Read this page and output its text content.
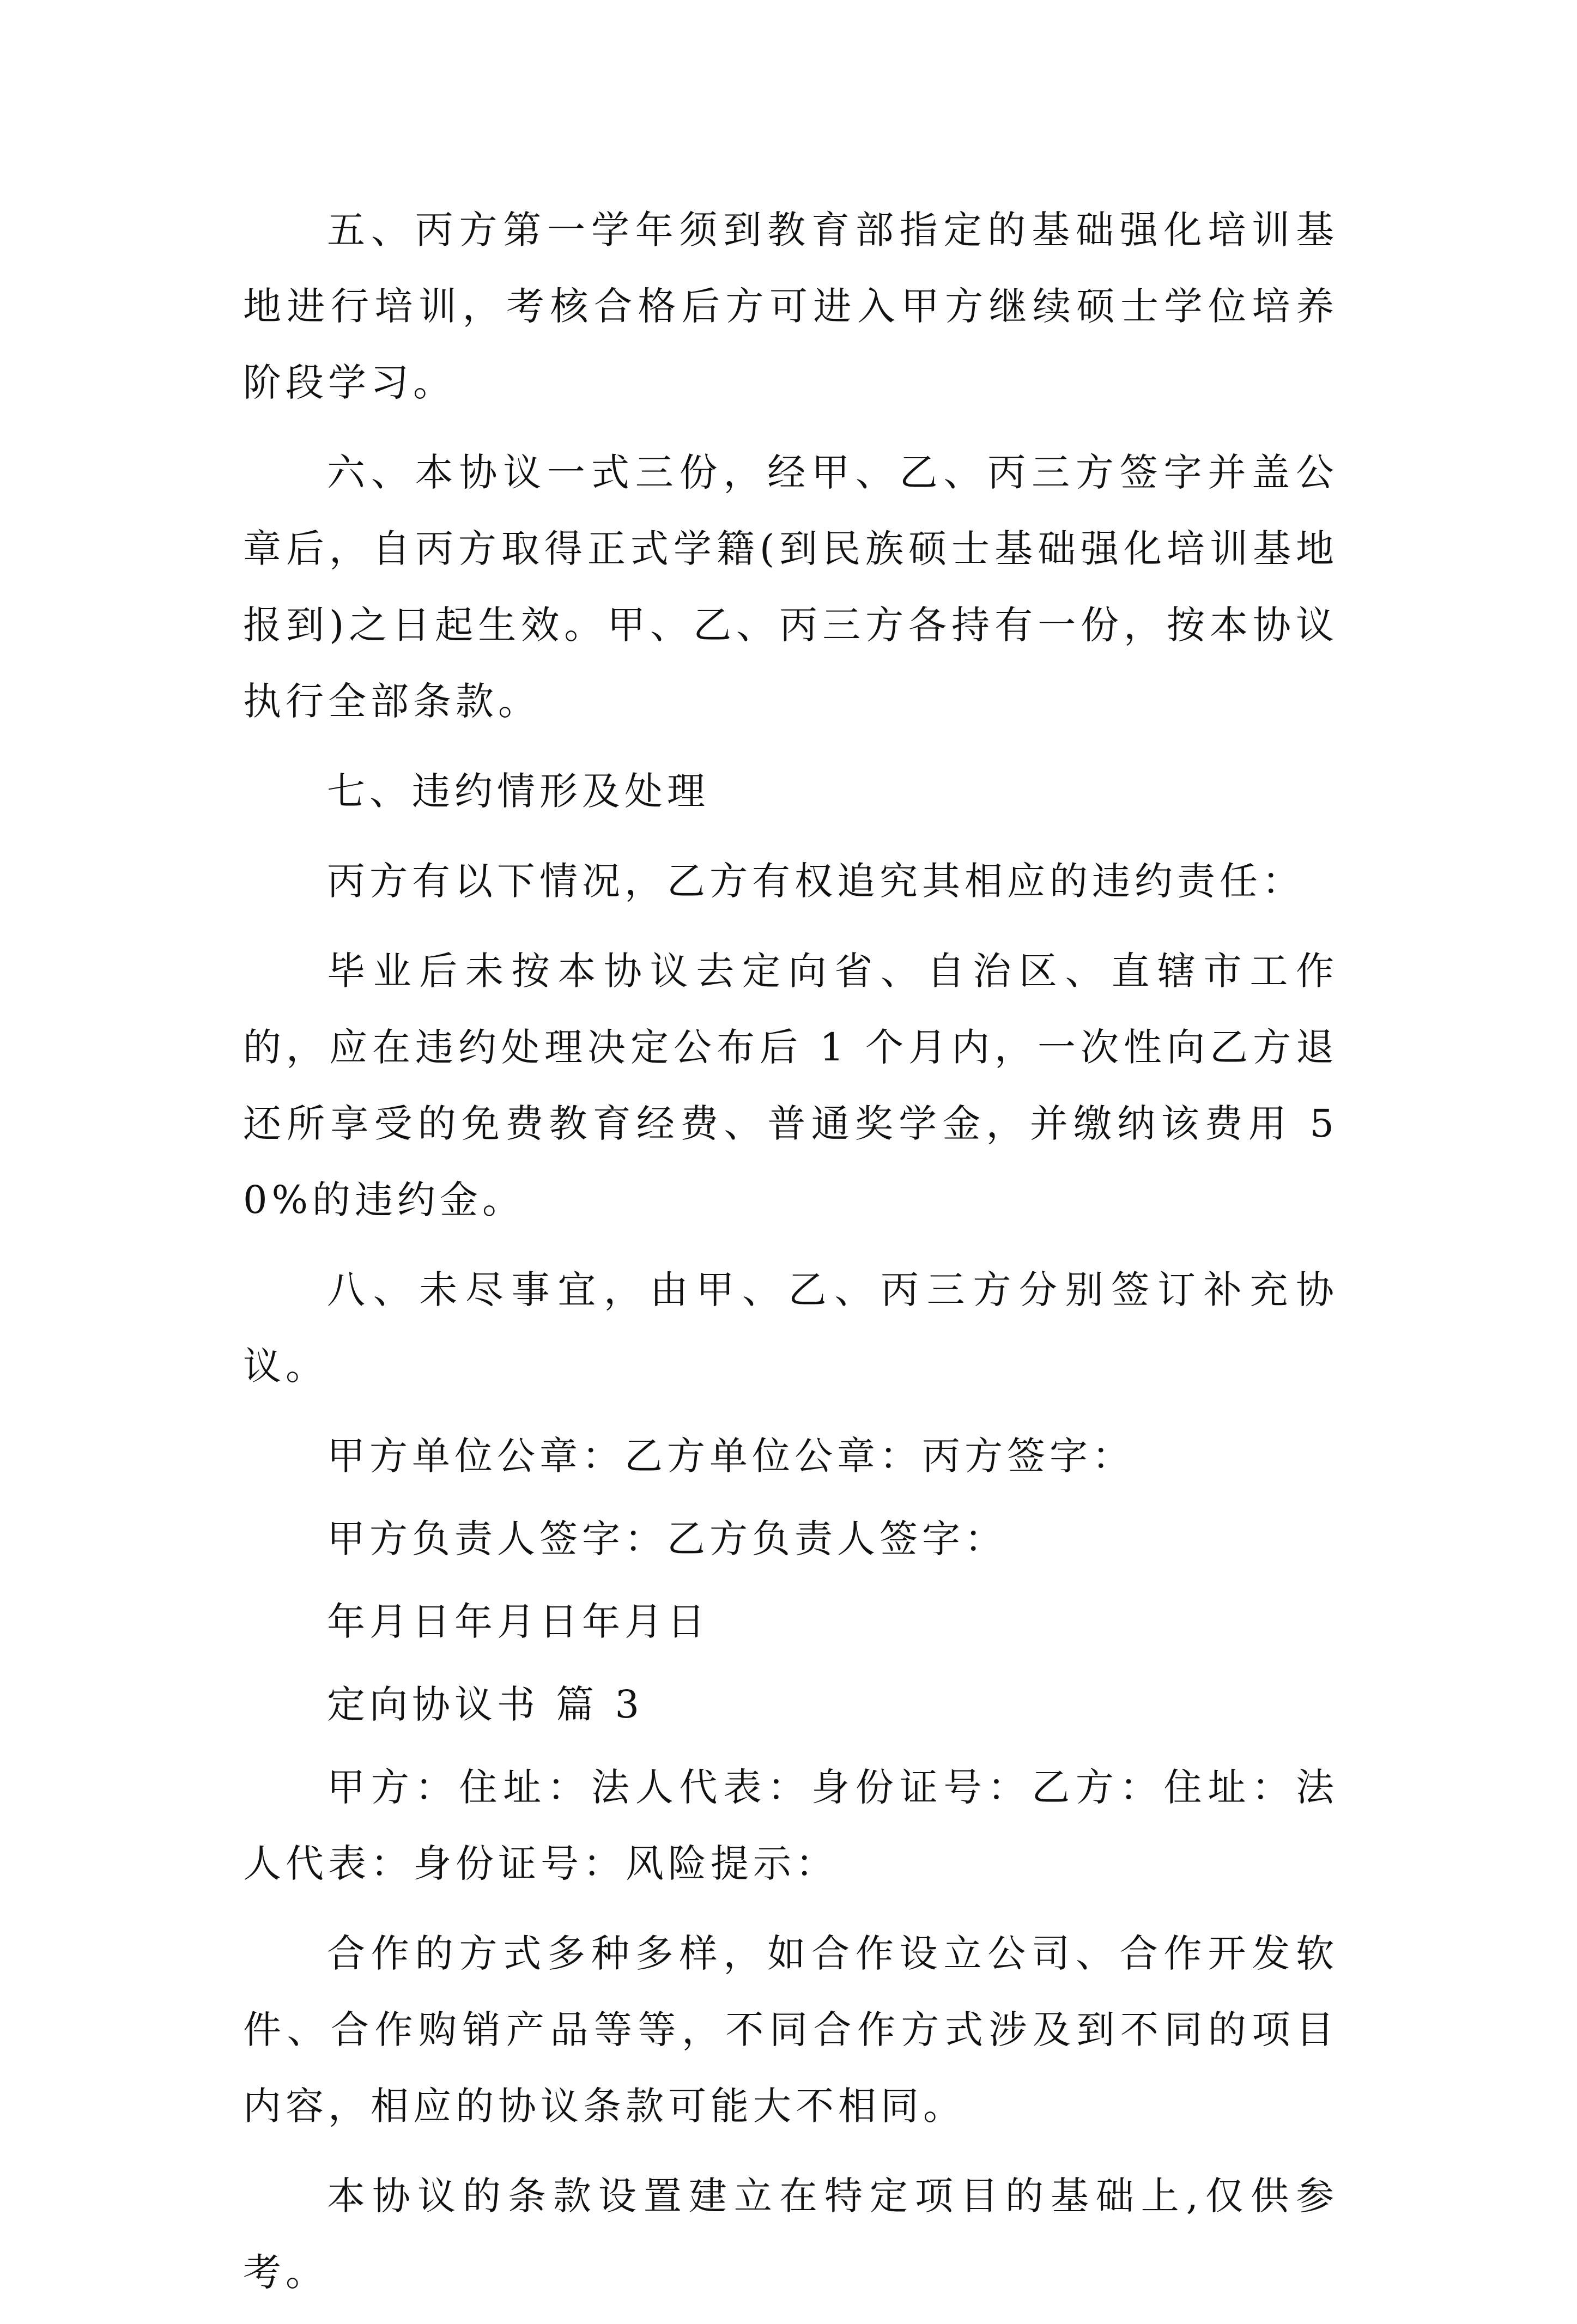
五、丙方第一学年须到教育部指定的基础强化培训基地进行培训，考核合格后方可进入甲方继续硕士学位培养阶段学习。

六、本协议一式三份，经甲、乙、丙三方签字并盖公章后，自丙方取得正式学籍(到民族硕士基础强化培训基地报到)之日起生效。甲、乙、丙三方各持有一份，按本协议执行全部条款。

七、违约情形及处理

丙方有以下情况，乙方有权追究其相应的违约责任：

毕业后未按本协议去定向省、自治区、直辖市工作的，应在违约处理决定公布后 1 个月内，一次性向乙方退还所享受的免费教育经费、普通奖学金，并缴纳该费用 50%的违约金。

八、未尽事宜，由甲、乙、丙三方分别签订补充协议。

甲方单位公章：乙方单位公章：丙方签字：

甲方负责人签字：乙方负责人签字：

年月日年月日年月日

定向协议书 篇 3

甲方：住址：法人代表：身份证号：乙方：住址：法人代表：身份证号：风险提示：

合作的方式多种多样，如合作设立公司、合作开发软件、合作购销产品等等，不同合作方式涉及到不同的项目内容，相应的协议条款可能大不相同。

本协议的条款设置建立在特定项目的基础上,仅供参考。
